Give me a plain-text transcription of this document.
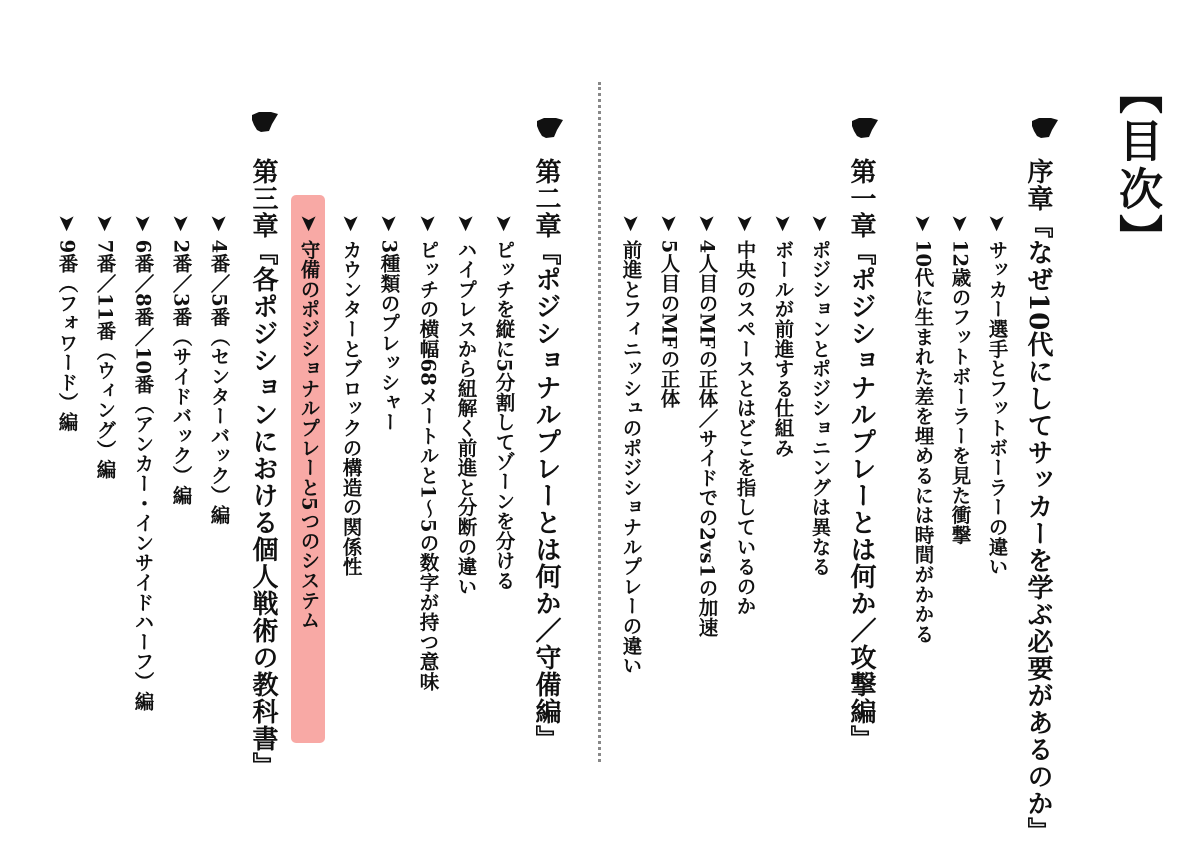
【目次】
序章『なぜ10代にしてサッカーを学ぶ必要があるのか』
➤サッカー選手とフットボーラーの違い
➤12歳のフットボーラーを見た衝撃
➤10代に生まれた差を埋めるには時間がかかる
第一章『ポジショナルプレーとは何か／攻撃編』
➤ポジションとポジショニングは異なる
➤ボールが前進する仕組み
➤中央のスペースとはどこを指しているのか
➤4人目のMFの正体／サイドでの2vs1の加速
➤5人目のMFの正体
➤前進とフィニッシュのポジショナルプレーの違い
第二章『ポジショナルプレーとは何か／守備編』
➤ピッチを縦に5分割してゾーンを分ける
➤ハイプレスから紐解く前進と分断の違い
➤ピッチの横幅68メートルと1～5の数字が持つ意味
➤3種類のプレッシャー
➤カウンターとブロックの構造の関係性
➤守備のポジショナルプレーと5つのシステム
第三章『各ポジションにおける個人戦術の教科書』
➤4番／5番（センターバック）編
➤2番／3番（サイドバック）編
➤6番／8番／10番（アンカー・インサイドハーフ）編
➤7番／11番（ウィング）編
➤9番（フォワード）編
